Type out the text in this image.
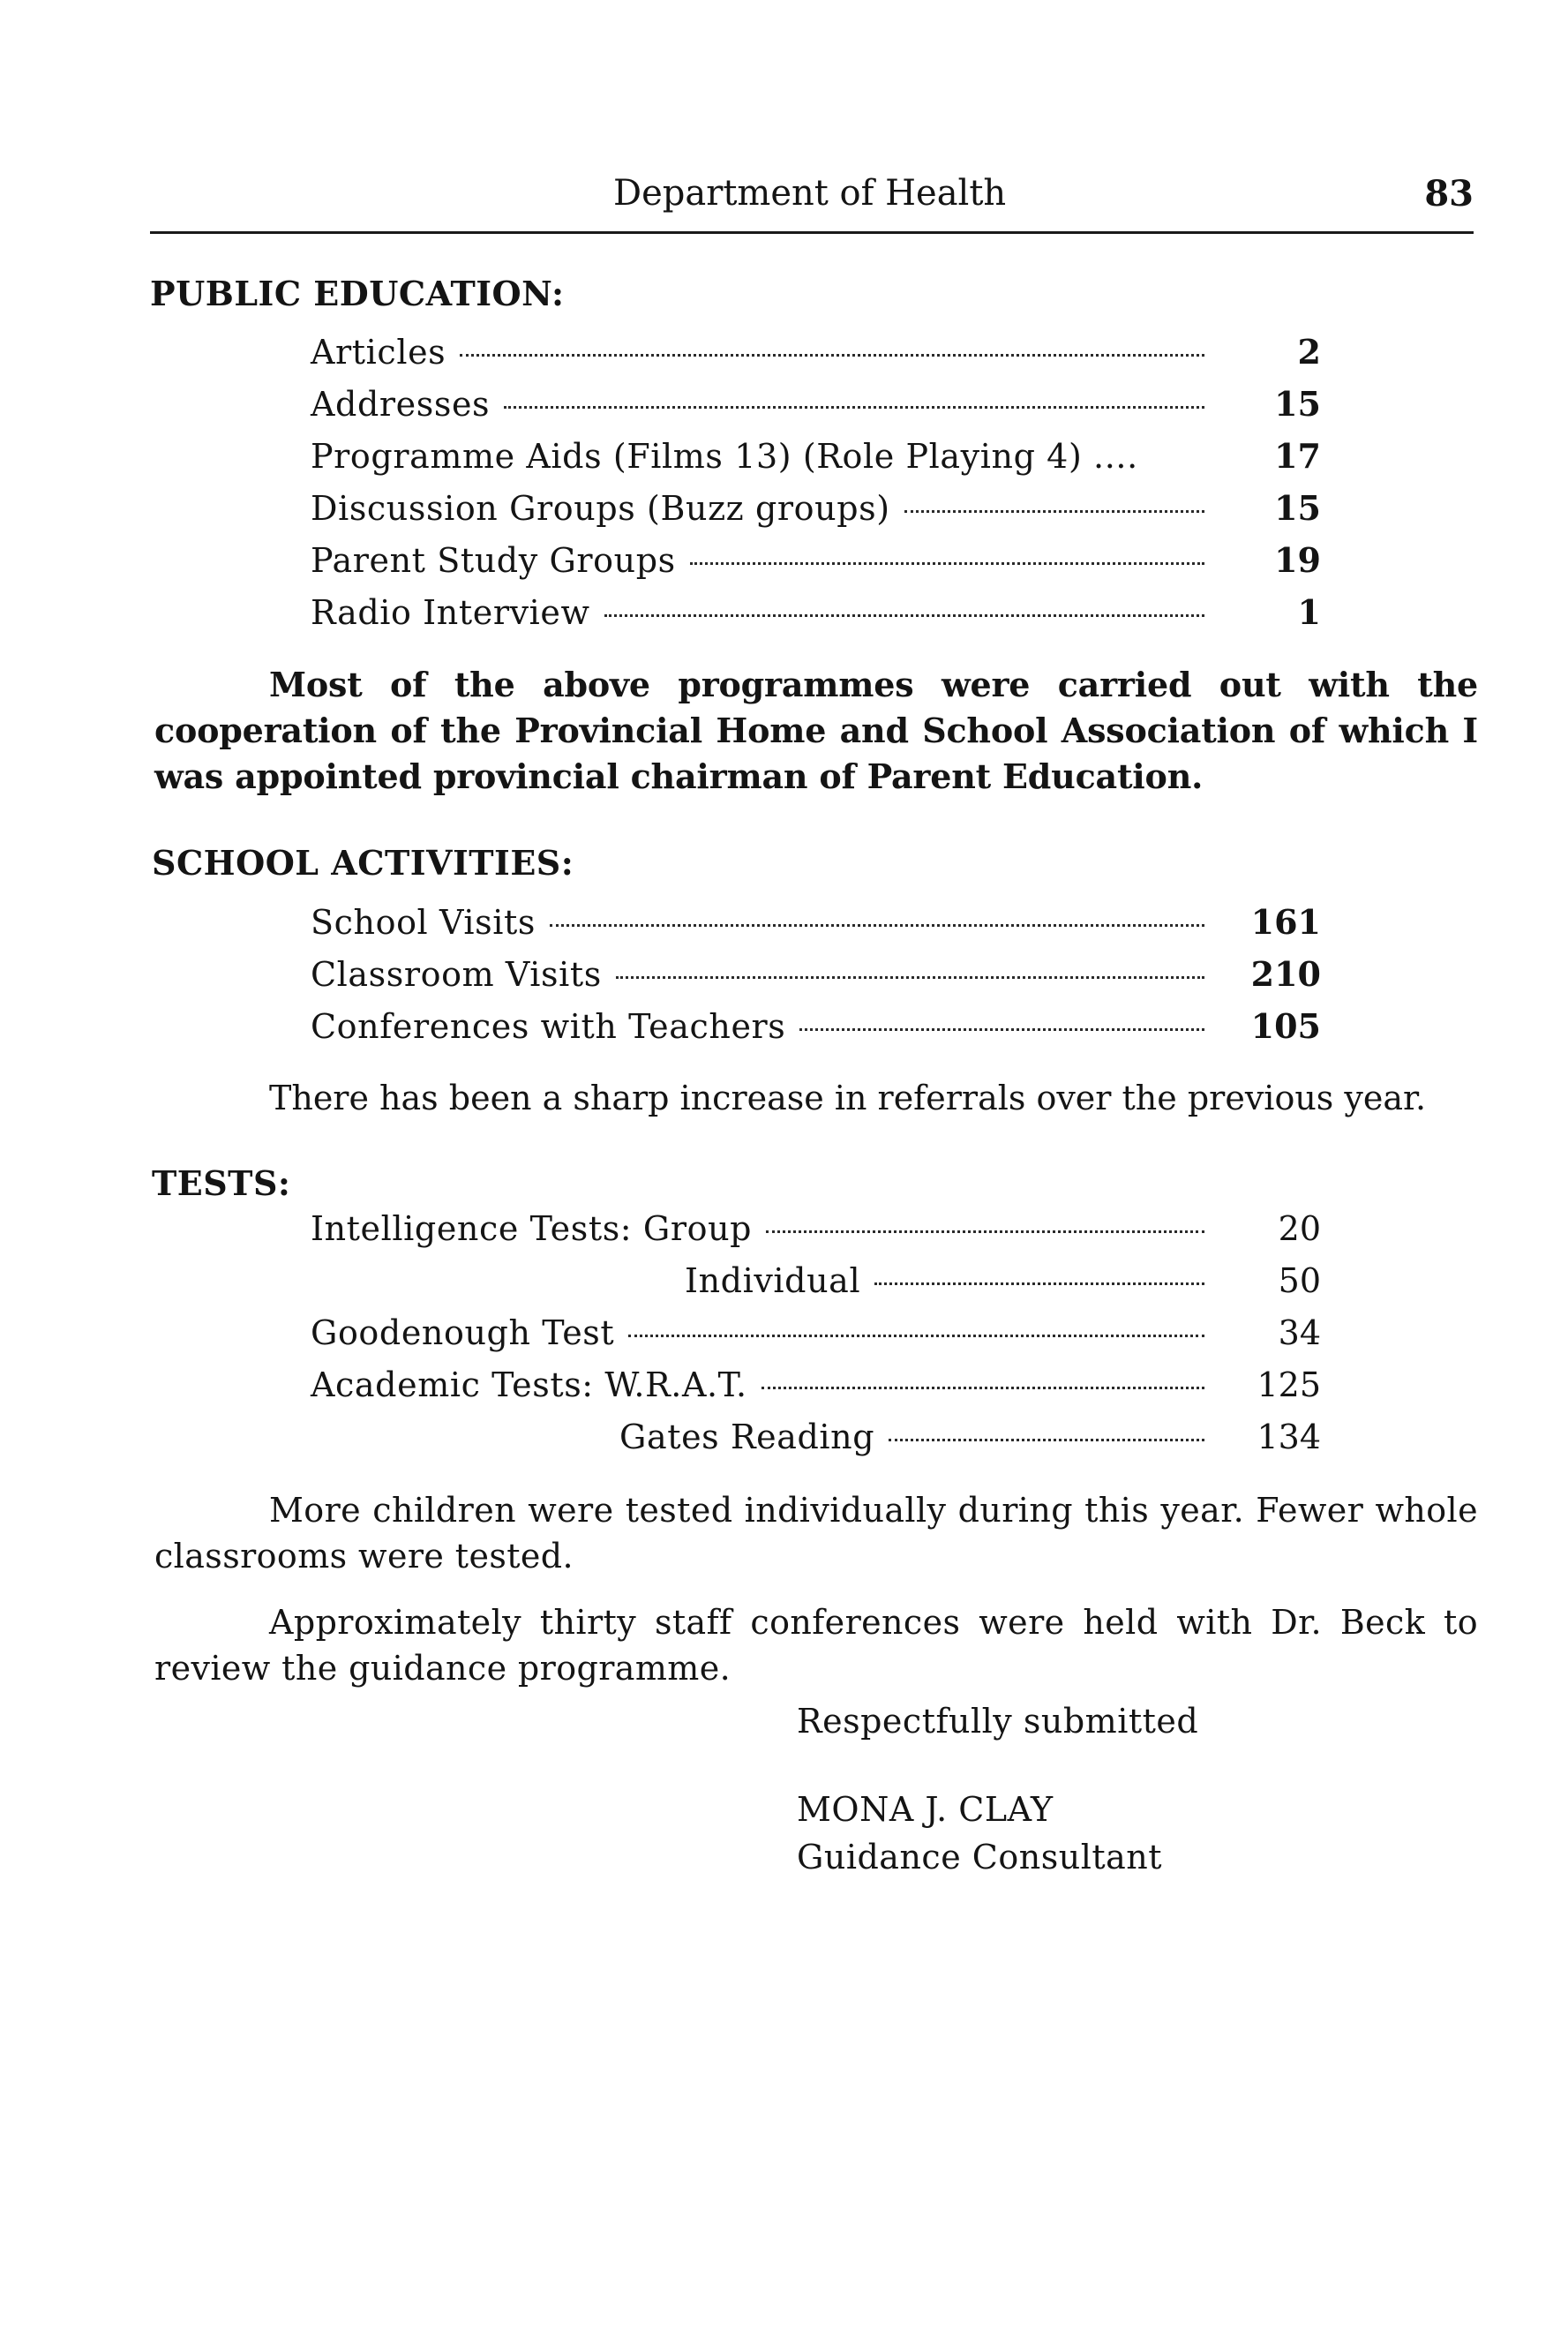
Department of Health	83
PUBLIC EDUCATION:
Articles	2
Addresses	15
Programme Aids (Films 13) (Role Playing 4) ....	17
Discussion Groups (Buzz groups)	15
Parent Study Groups	19
Radio Interview	1
Most of the above programmes were carried out with the cooperation of the Provincial Home and School Association of which I was appointed provincial chairman of Parent Education.
SCHOOL ACTIVITIES:
School Visits	161
Classroom Visits	210
Conferences with Teachers	105
There has been a sharp increase in referrals over the previous year.
TESTS:
Intelligence Tests: Group	20
Individual	50
Goodenough Test	34
Academic Tests: W.R.A.T.	125
Gates Reading	134
More children were tested individually during this year. Fewer whole classrooms were tested.
Approximately thirty staff conferences were held with Dr. Beck to review the guidance programme.
Respectfully submitted
MONA J. CLAY
Guidance Consultant
